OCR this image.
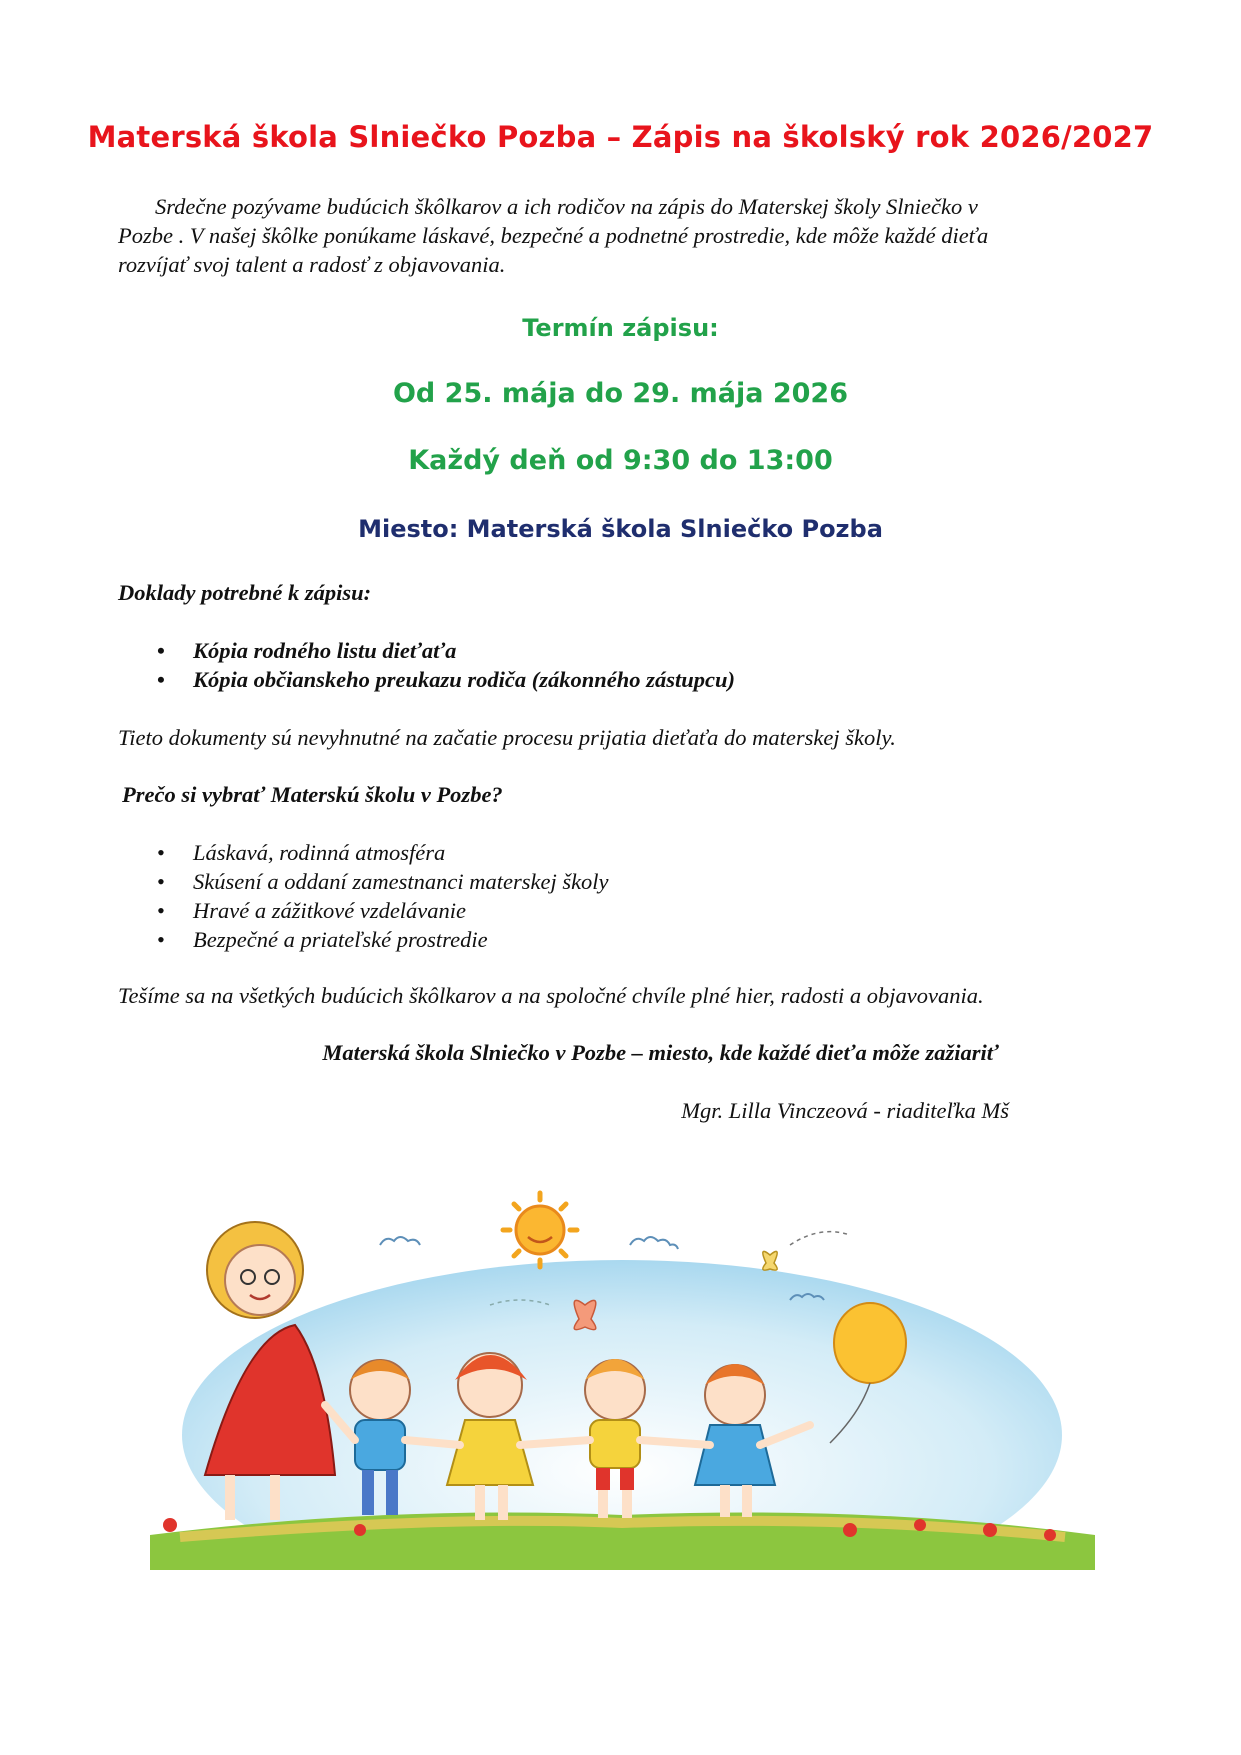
Materská škola Slniečko Pozba – Zápis na školský rok 2026/2027
Srdečne pozývame budúcich škôlkarov a ich rodičov na zápis do Materskej školy Slniečko v
Pozbe . V našej škôlke ponúkame láskavé, bezpečné a podnetné prostredie, kde môže každé dieťa
rozvíjať svoj talent a radosť z objavovania.
Termín zápisu:
Od 25. mája do 29. mája 2026
Každý deň od 9:30 do 13:00
Miesto: Materská škola Slniečko Pozba
Doklady potrebné k zápisu:
• Kópia rodného listu dieťaťa
• Kópia občianskeho preukazu rodiča (zákonného zástupcu)
Tieto dokumenty sú nevyhnutné na začatie procesu prijatia dieťaťa do materskej školy.
Prečo si vybrať Materskú školu v Pozbe?
• Láskavá, rodinná atmosféra
• Skúsení a oddaní zamestnanci materskej školy
• Hravé a zážitkové vzdelávanie
• Bezpečné a priateľské prostredie
Tešíme sa na všetkých budúcich škôlkarov a na spoločné chvíle plné hier, radosti a objavovania.
Materská škola Slniečko v Pozbe – miesto, kde každé dieťa môže zažiariť
Mgr. Lilla Vinczeová - riaditeľka Mš
